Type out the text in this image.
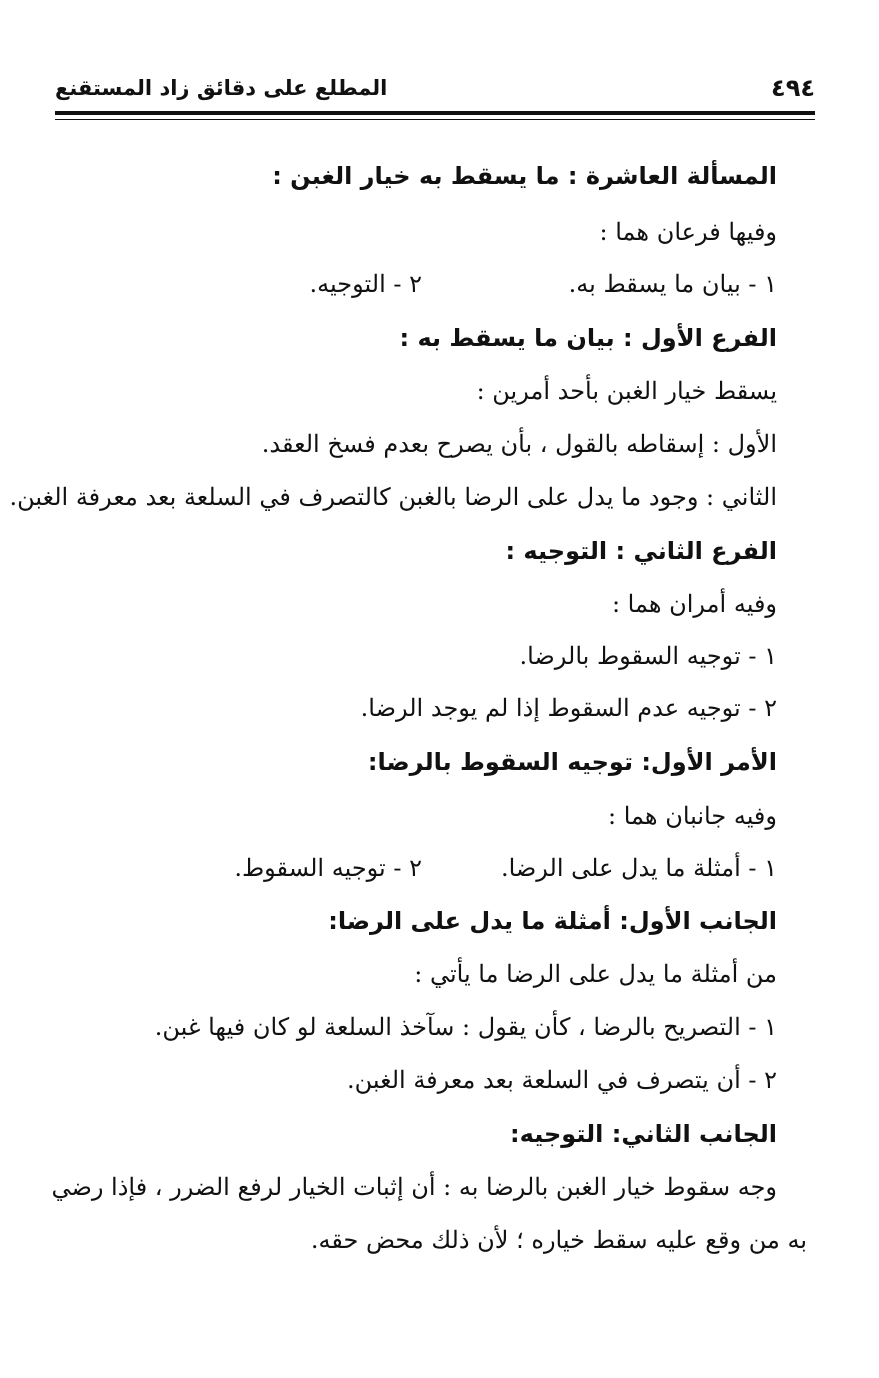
٤٩٤
المطلع على دقائق زاد المستقنع
المسألة العاشرة : ما يسقط به خيار الغبن :
وفيها فرعان هما :
١ - بيان ما يسقط به.
٢ - التوجيه.
الفرع الأول : بيان ما يسقط به :
يسقط خيار الغبن بأحد أمرين :
الأول : إسقاطه بالقول ، بأن يصرح بعدم فسخ العقد.
الثاني : وجود ما يدل على الرضا بالغبن كالتصرف في السلعة بعد معرفة الغبن.
الفرع الثاني : التوجيه :
وفيه أمران هما :
١ - توجيه السقوط بالرضا.
٢ - توجيه عدم السقوط إذا لم يوجد الرضا.
الأمر الأول: توجيه السقوط بالرضا:
وفيه جانبان هما :
١ - أمثلة ما يدل على الرضا.
٢ - توجيه السقوط.
الجانب الأول: أمثلة ما يدل على الرضا:
من أمثلة ما يدل على الرضا ما يأتي :
١ - التصريح بالرضا ، كأن يقول : سآخذ السلعة لو كان فيها غبن.
٢ - أن يتصرف في السلعة بعد معرفة الغبن.
الجانب الثاني: التوجيه:
وجه سقوط خيار الغبن بالرضا به : أن إثبات الخيار لرفع الضرر ، فإذا رضي
به من وقع عليه سقط خياره ؛ لأن ذلك محض حقه.
